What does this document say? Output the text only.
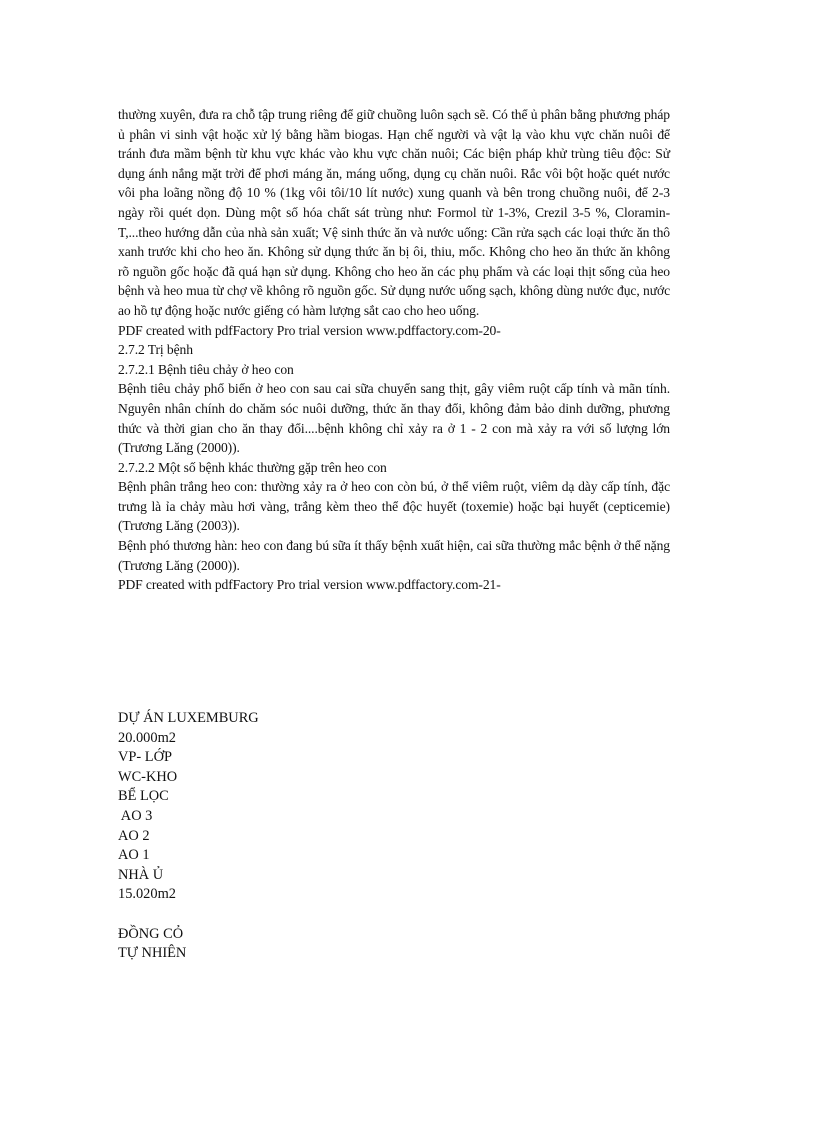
thường xuyên, đưa ra chỗ tập trung riêng để giữ chuồng luôn sạch sẽ. Có thể ủ phân bằng phương pháp ủ phân vi sinh vật hoặc xử lý bằng hầm biogas. Hạn chế người và vật lạ vào khu vực chăn nuôi để tránh đưa mầm bệnh từ khu vực khác vào khu vực chăn nuôi; Các biện pháp khử trùng tiêu độc: Sử dụng ánh nắng mặt trời để phơi máng ăn, máng uống, dụng cụ chăn nuôi. Rắc vôi bột hoặc quét nước vôi pha loãng nồng độ 10 % (1kg vôi tôi/10 lít nước) xung quanh và bên trong chuồng nuôi, để 2-3 ngày rồi quét dọn. Dùng một số hóa chất sát trùng như: Formol từ 1-3%, Crezil 3-5 %, Cloramin-T,...theo hướng dẫn của nhà sản xuất; Vệ sinh thức ăn và nước uống: Cần rửa sạch các loại thức ăn thô xanh trước khi cho heo ăn. Không sử dụng thức ăn bị ôi, thiu, mốc. Không cho heo ăn thức ăn không rõ nguồn gốc hoặc đã quá hạn sử dụng. Không cho heo ăn các phụ phẩm và các loại thịt sống của heo bệnh và heo mua từ chợ về không rõ nguồn gốc. Sử dụng nước uống sạch, không dùng nước đục, nước ao hồ tự động hoặc nước giếng có hàm lượng sắt cao cho heo uống.

PDF created with pdfFactory Pro trial version www.pdffactory.com-20-

2.7.2 Trị bệnh

2.7.2.1 Bệnh tiêu chảy ở heo con

Bệnh tiêu chảy phổ biến ở heo con sau cai sữa chuyển sang thịt, gây viêm ruột cấp tính và mãn tính. Nguyên nhân chính do chăm sóc nuôi dưỡng, thức ăn thay đổi, không đảm bảo dinh dưỡng, phương thức và thời gian cho ăn thay đổi....bệnh không chỉ xảy ra ở 1 - 2 con mà xảy ra với số lượng lớn (Trương Lăng (2000)).

2.7.2.2 Một số bệnh khác thường gặp trên heo con

Bệnh phân trắng heo con: thường xảy ra ở heo con còn bú, ở thể viêm ruột, viêm dạ dày cấp tính, đặc trưng là ỉa chảy màu hơi vàng, trắng kèm theo thể độc huyết (toxemie) hoặc bại huyết (cepticemie) (Trương Lăng (2003)).

Bệnh phó thương hàn: heo con đang bú sữa ít thấy bệnh xuất hiện, cai sữa thường mắc bệnh ở thể nặng (Trương Lăng (2000)).

PDF created with pdfFactory Pro trial version www.pdffactory.com-21-

DỰ ÁN LUXEMBURG
20.000m2
VP- LỚP
WC-KHO
BỂ LỌC
AO 3
AO 2
AO 1
NHÀ Ủ
15.020m2
ĐỒNG CỎ
TỰ NHIÊN
